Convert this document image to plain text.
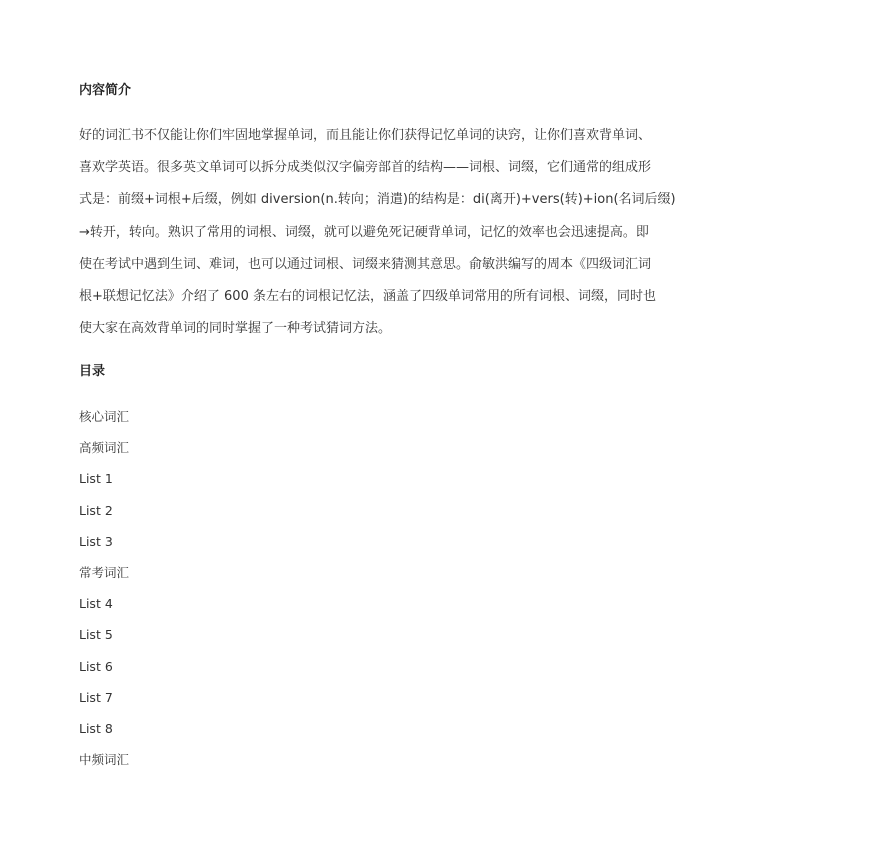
内容简介

好的词汇书不仅能让你们牢固地掌握单词，而且能让你们获得记忆单词的诀窍，让你们喜欢背单词、
喜欢学英语。很多英文单词可以拆分成类似汉字偏旁部首的结构——词根、词缀，它们通常的组成形
式是：前缀+词根+后缀，例如 diversion(n.转向；消遣)的结构是：di(离开)+vers(转)+ion(名词后缀)
→转开，转向。熟识了常用的词根、词缀，就可以避免死记硬背单词，记忆的效率也会迅速提高。即
使在考试中遇到生词、难词，也可以通过词根、词缀来猜测其意思。俞敏洪编写的周本《四级词汇词
根+联想记忆法》介绍了 600 条左右的词根记忆法，涵盖了四级单词常用的所有词根、词缀，同时也
使大家在高效背单词的同时掌握了一种考试猜词方法。

目录
核心词汇
高频词汇
List 1
List 2
List 3
常考词汇
List 4
List 5
List 6
List 7
List 8
中频词汇
